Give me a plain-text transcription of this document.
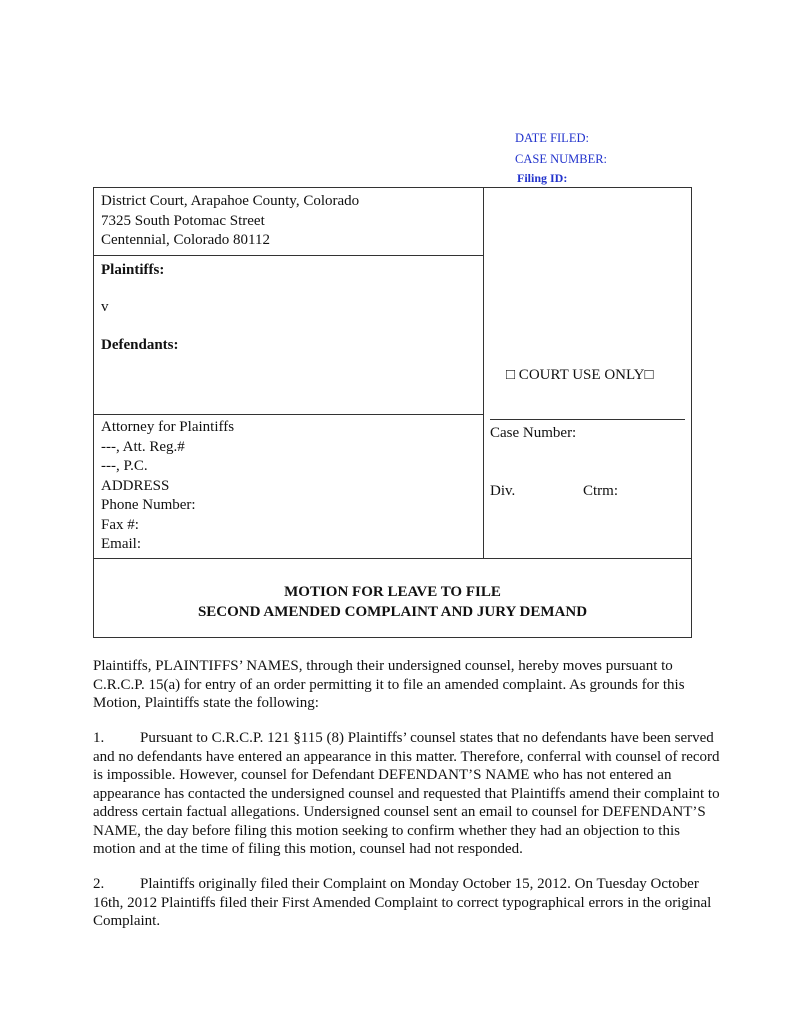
DATE FILED:
CASE NUMBER:
Filing ID:
District Court, Arapahoe County, Colorado
7325 South Potomac Street
Centennial, Colorado 80112
Plaintiffs:
v
Defendants:
□ COURT USE ONLY□
Case Number:
Div.	Ctrm:
Attorney for Plaintiffs
---, Att. Reg.#
---, P.C.
ADDRESS
Phone Number:
Fax #:
Email:
MOTION FOR LEAVE TO FILE
SECOND AMENDED COMPLAINT AND JURY DEMAND

Plaintiffs, PLAINTIFFS’ NAMES, through their undersigned counsel, hereby moves pursuant to C.R.C.P. 15(a) for entry of an order permitting it to file an amended complaint. As grounds for this Motion, Plaintiffs state the following:

1. Pursuant to C.R.C.P. 121 §115 (8) Plaintiffs’ counsel states that no defendants have been served and no defendants have entered an appearance in this matter. Therefore, conferral with counsel of record is impossible. However, counsel for Defendant DEFENDANT’S NAME who has not entered an appearance has contacted the undersigned counsel and requested that Plaintiffs amend their complaint to address certain factual allegations. Undersigned counsel sent an email to counsel for DEFENDANT’S NAME, the day before filing this motion seeking to confirm whether they had an objection to this motion and at the time of filing this motion, counsel had not responded.

2. Plaintiffs originally filed their Complaint on Monday October 15, 2012. On Tuesday October 16th, 2012 Plaintiffs filed their First Amended Complaint to correct typographical errors in the original Complaint.
